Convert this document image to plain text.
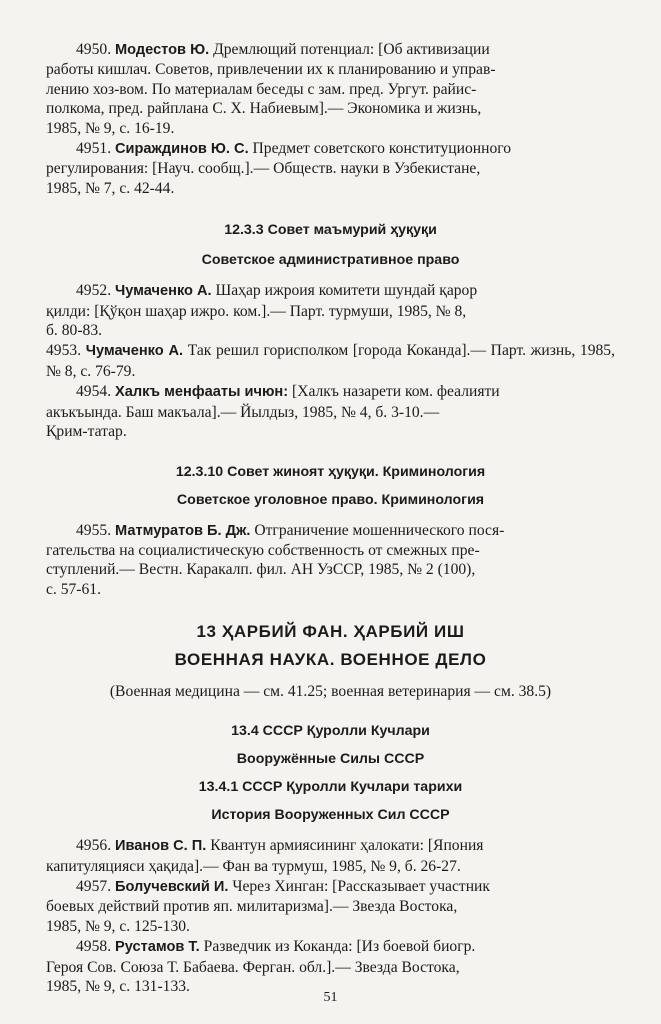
4950. Модестов Ю. Дремлющий потенциал: [Об активизации
работы кишлач. Советов, привлечении их к планированию и управ-
лению хоз-вом. По материалам беседы с зам. пред. Ургут. райис-
полкома, пред. райплана С. Х. Набиевым].— Экономика и жизнь,
1985, № 9, с. 16-19.

4951. Сираждинов Ю. С. Предмет советского конституционного
регулирования: [Науч. сообщ.].— Обществ. науки в Узбекистане,
1985, № 7, с. 42-44.

12.3.3 Совет маъмурий ҳуқуқи

Советское административное право

4952. Чумаченко А. Шаҳар ижроия комитети шундай қарор
қилди: [Қўқон шаҳар ижро. ком.].— Парт. турмуши, 1985, № 8,
б. 80-83.

4953. Чумаченко А. Так решил горисполком [города Коканда].— Парт. жизнь, 1985, № 8, с. 76-79.

4954. Халкъ менфааты ичюн: [Халкъ назарети ком. феалияти
акъкъында. Баш макъала].— Йылдыз, 1985, № 4, б. 3-10.—
Қрим-татар.

12.3.10 Совет жиноят ҳуқуқи. Криминология

Советское уголовное право. Криминология

4955. Матмуратов Б. Дж. Отграничение мошеннического пося-
гательства на социалистическую собственность от смежных пре-
ступлений.— Вестн. Каракалп. фил. АН УзССР, 1985, № 2 (100),
с. 57-61.

13 ҲАРБИЙ ФАН. ҲАРБИЙ ИШ

ВОЕННАЯ НАУКА. ВОЕННОЕ ДЕЛО

(Военная медицина — см. 41.25; военная ветеринария — см. 38.5)

13.4 СССР Қуролли Кучлари

Вооружённые Силы СССР

13.4.1 СССР Қуролли Кучлари тарихи

История Вооруженных Сил СССР

4956. Иванов С. П. Квантун армиясининг ҳалокати: [Япония
капитуляцияси ҳақида].— Фан ва турмуш, 1985, № 9, б. 26-27.

4957. Болучевский И. Через Хинган: [Рассказывает участник
боевых действий против яп. милитаризма].— Звезда Востока,
1985, № 9, с. 125-130.

4958. Рустамов Т. Разведчик из Коканда: [Из боевой биогр.
Героя Сов. Союза Т. Бабаева. Ферган. обл.].— Звезда Востока,
1985, № 9, с. 131-133.

51
